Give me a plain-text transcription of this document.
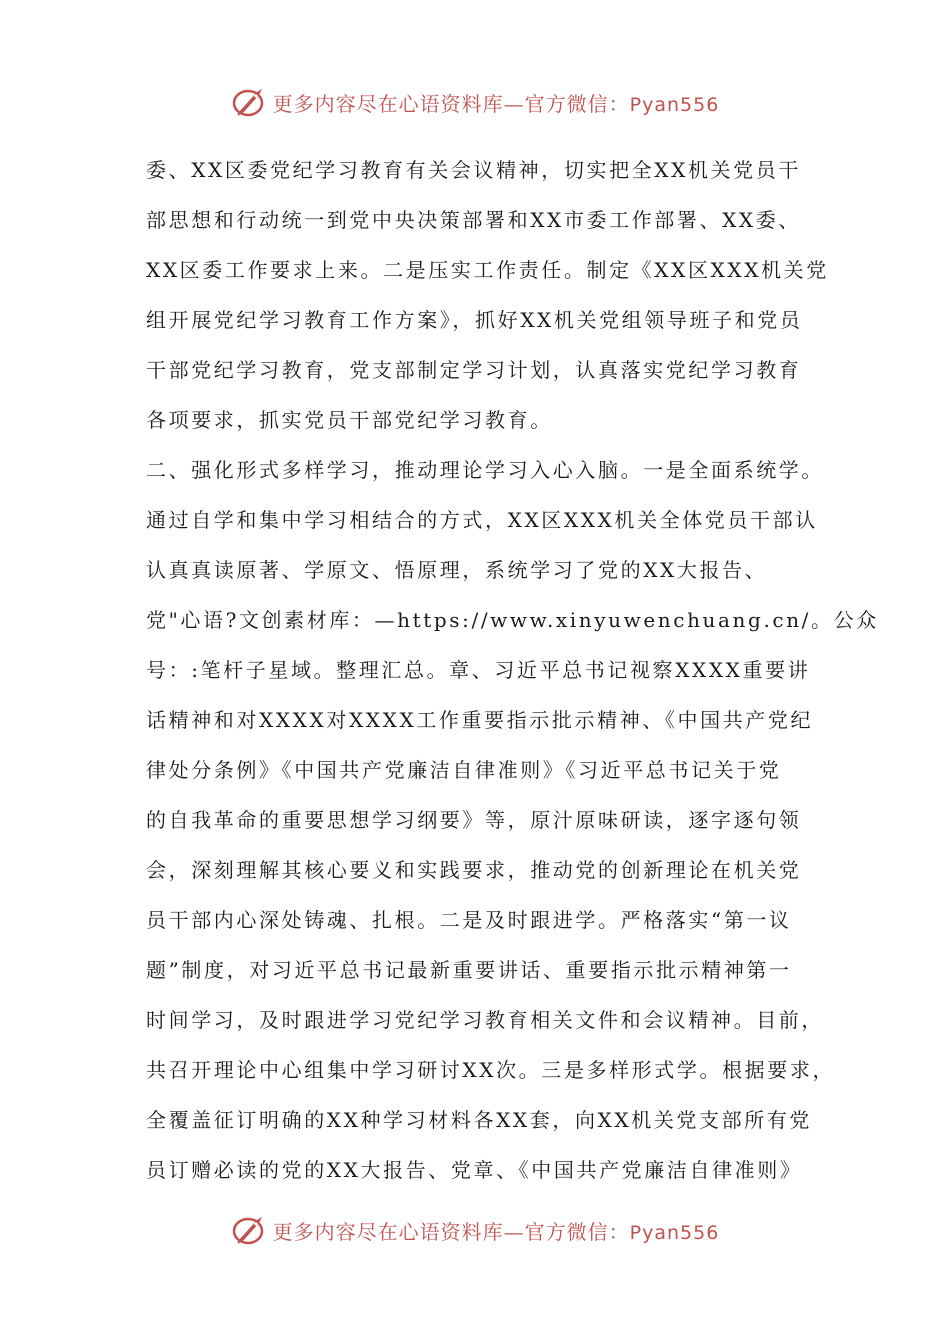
更多内容尽在心语资料库—官方微信：Pyan556
委、XX区委党纪学习教育有关会议精神，切实把全XX机关党员干
部思想和行动统一到党中央决策部署和XX市委工作部署、XX委、
XX区委工作要求上来。二是压实工作责任。制定《XX区XXX机关党
组开展党纪学习教育工作方案》，抓好XX机关党组领导班子和党员
干部党纪学习教育，党支部制定学习计划，认真落实党纪学习教育
各项要求，抓实党员干部党纪学习教育。
二、强化形式多样学习，推动理论学习入心入脑。一是全面系统学。
通过自学和集中学习相结合的方式，XX区XXX机关全体党员干部认
认真真读原著、学原文、悟原理，系统学习了党的XX大报告、
党"心语?文创素材库：—https://www.xinyuwenchuang.cn/。公众
号：:笔杆子星域。整理汇总。章、习近平总书记视察XXXX重要讲
话精神和对XXXX对XXXX工作重要指示批示精神、《中国共产党纪
律处分条例》《中国共产党廉洁自律准则》《习近平总书记关于党
的自我革命的重要思想学习纲要》等，原汁原味研读，逐字逐句领
会，深刻理解其核心要义和实践要求，推动党的创新理论在机关党
员干部内心深处铸魂、扎根。二是及时跟进学。严格落实“第一议
题”制度，对习近平总书记最新重要讲话、重要指示批示精神第一
时间学习，及时跟进学习党纪学习教育相关文件和会议精神。目前，
共召开理论中心组集中学习研讨XX次。三是多样形式学。根据要求，
全覆盖征订明确的XX种学习材料各XX套，向XX机关党支部所有党
员订赠必读的党的XX大报告、党章、《中国共产党廉洁自律准则》
更多内容尽在心语资料库—官方微信：Pyan556
